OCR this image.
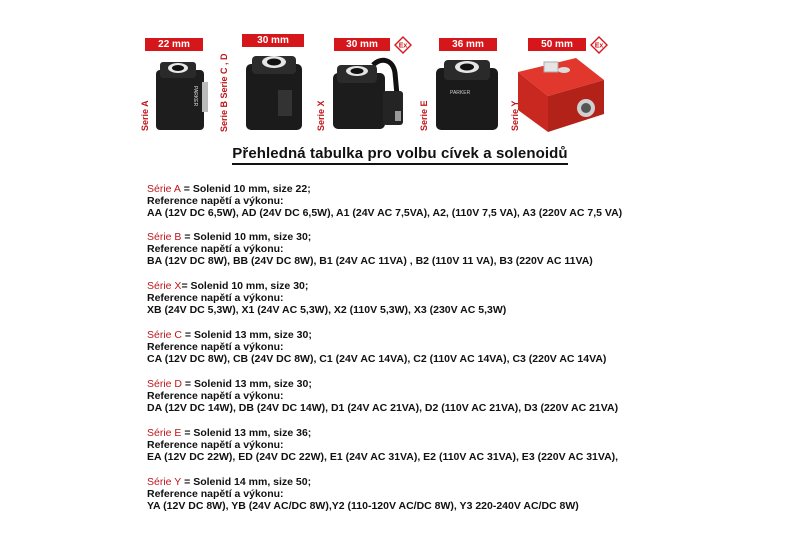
22 mm
Serie A
PARKER
30 mm
Serie B Serie C , D
30 mm	Ex
Serie X
36 mm
Serie E
PARKER
50 mm	Ex
Serie Y
Přehledná tabulka pro volbu cívek a solenoidů
Série A = Solenid 10 mm, size 22;
Reference napětí a výkonu:
AA (12V DC 6,5W), AD (24V DC 6,5W), A1 (24V AC 7,5VA), A2, (110V 7,5 VA), A3 (220V AC 7,5 VA)
Série B = Solenid 10 mm, size 30;
Reference napětí a výkonu:
BA (12V DC 8W), BB (24V DC 8W), B1 (24V AC 11VA) , B2 (110V 11 VA), B3 (220V AC 11VA)
Série X= Solenid 10 mm, size 30;
Reference napětí a výkonu:
XB (24V DC 5,3W), X1 (24V AC 5,3W), X2 (110V 5,3W), X3 (230V AC 5,3W)
Série C = Solenid 13 mm, size 30;
Reference napětí a výkonu:
CA (12V DC 8W), CB (24V DC 8W), C1 (24V AC 14VA), C2 (110V AC 14VA), C3 (220V AC 14VA)
Série D = Solenid 13 mm, size 30;
Reference napětí a výkonu:
DA (12V DC 14W), DB (24V DC 14W), D1 (24V AC 21VA), D2 (110V AC 21VA), D3 (220V AC 21VA)
Série E = Solenid 13 mm, size 36;
Reference napětí a výkonu:
EA (12V DC 22W), ED (24V DC 22W), E1 (24V AC 31VA), E2 (110V AC 31VA), E3 (220V AC 31VA),
Série Y = Solenid 14 mm, size 50;
Reference napětí a výkonu:
YA (12V DC 8W), YB (24V AC/DC 8W),Y2 (110-120V AC/DC 8W), Y3 220-240V AC/DC 8W)
